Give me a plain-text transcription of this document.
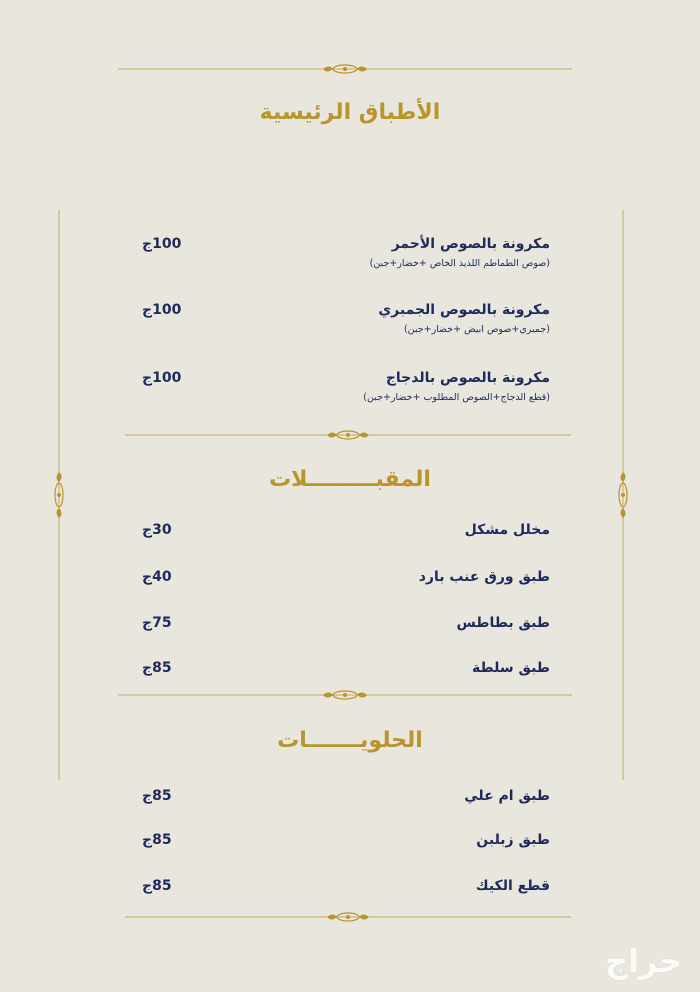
الأطباق الرئيسية
مكرونة بالصوص الأحمر
(صوص الطماطم اللذيذ الخاص +خضار+جبن)
100ج
مكرونة بالصوص الجمبري
(جمبري+صوص ابيض +خضار+جبن)
100ج
مكرونة بالصوص بالدجاج
(قطع الدجاج+الصوص المطلوب +خضار+جبن)
100ج
المقبـــــــــلات
مخلل مشكل
30ج
طبق ورق عنب بارد
40ج
طبق بطاطس
75ج
طبق سلطة
85ج
الحلويـــــــات
طبق ام علي
85ج
طبق زبلبن
85ج
قطع الكيك
85ج
حراج
